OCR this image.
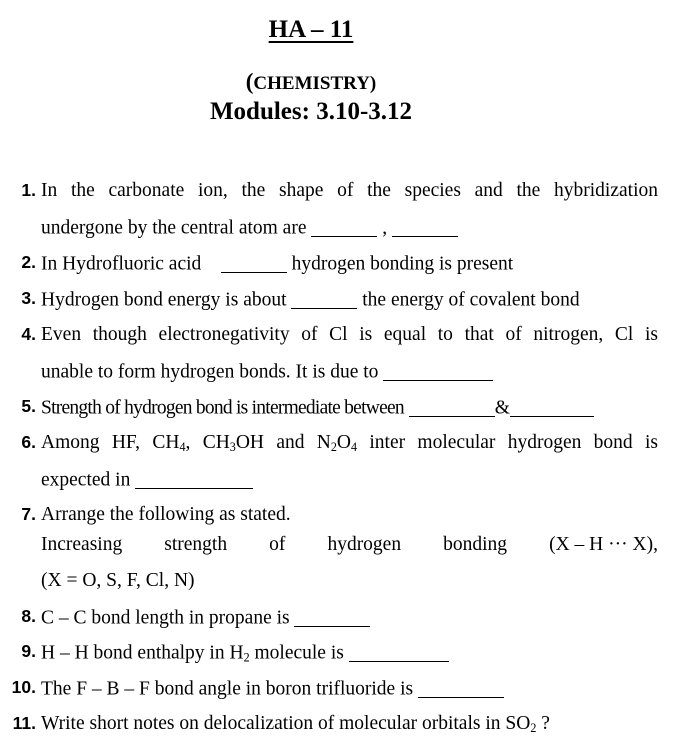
HA – 11
(CHEMISTRY)
Modules: 3.10-3.12
1. In the carbonate ion, the shape of the species and the hybridization
undergone by the central atom are	,
2. In Hydrofluoric acid	hydrogen bonding is present
3. Hydrogen bond energy is about	the energy of covalent bond
4. Even though electronegativity of Cl is equal to that of nitrogen, Cl is
unable to form hydrogen bonds. It is due to
5. Strength of hydrogen bond is intermediate between	&
6. Among HF, $CH_4$, $CH_3OH$ and $N_2O_4$ inter molecular hydrogen bond is
expected in
7. Arrange the following as stated.
Increasing strength of hydrogen bonding (X – H ··· X),
(X = O, S, F, Cl, N)
8. C – C bond length in propane is
9. H – H bond enthalpy in $H_2$ molecule is
10. The F – B – F bond angle in boron trifluoride is
11. Write short notes on delocalization of molecular orbitals in $SO_2$ ?
